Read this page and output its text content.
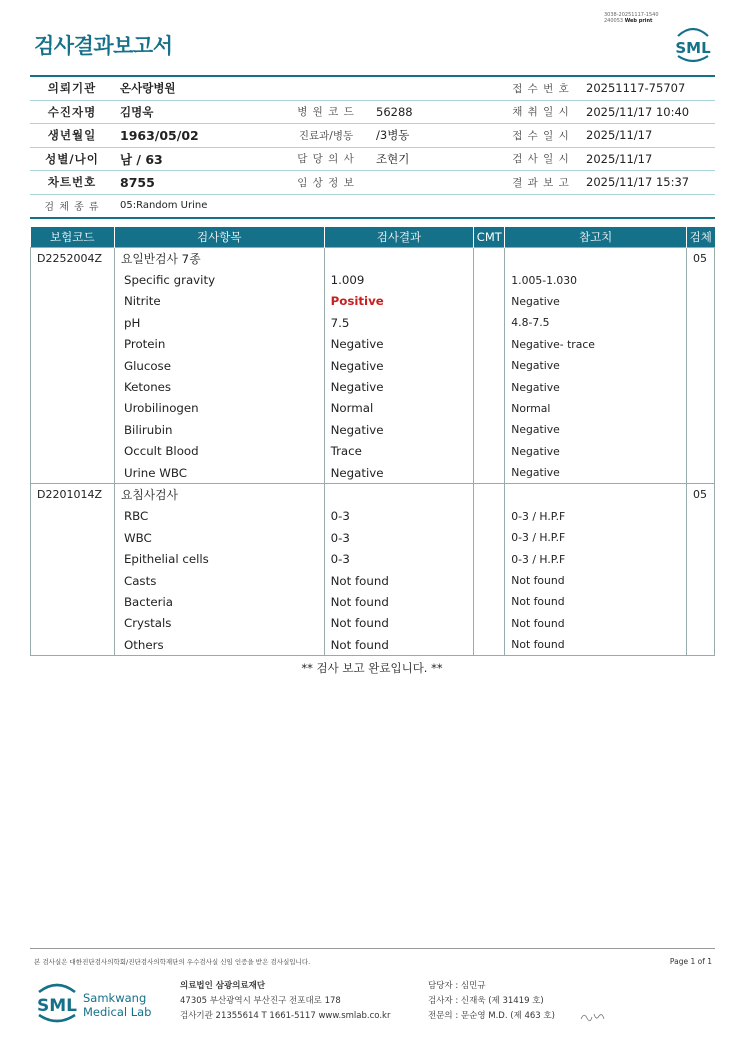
3038-20251117-1540
240053 Web print
검사결과보고서	SML
의뢰기관	온사랑병원			접 수 번 호	20251117-75707
수진자명	김명욱	병 원 코 드	56288	채 취 일 시	2025/11/17 10:40
생년월일	1963/05/02	진료과/병동	/3병동	접 수 일 시	2025/11/17
성별/나이	남 / 63	담 당 의 사	조현기	검 사 일 시	2025/11/17
차트번호	8755	임 상 정 보		결 과 보 고	2025/11/17 15:37
검 체 종 류	05:Random Urine				
보험코드	검사항목	검사결과	CMT	참고치	검체
D2252004Z	요일반검사 7종				05
	Specific gravity	1.009		1.005-1.030	
	Nitrite	Positive		Negative	
	pH	7.5		4.8-7.5	
	Protein	Negative		Negative- trace	
	Glucose	Negative		Negative	
	Ketones	Negative		Negative	
	Urobilinogen	Normal		Normal	
	Bilirubin	Negative		Negative	
	Occult Blood	Trace		Negative	
	Urine WBC	Negative		Negative	
D2201014Z	요침사검사				05
	RBC	0-3		0-3 / H.P.F	
	WBC	0-3		0-3 / H.P.F	
	Epithelial cells	0-3		0-3 / H.P.F	
	Casts	Not found		Not found	
	Bacteria	Not found		Not found	
	Crystals	Not found		Not found	
	Others	Not found		Not found	
** 검사 보고 완료입니다. **
본 검사실은 대한진단검사의학회/진단검사의학재단의 우수검사실 신임 인증을 받은 검사실입니다.	Page 1 of 1
SML Samkwang
Medical Lab
의료법인 삼광의료재단
47305 부산광역시 부산진구 전포대로 178
검사기관 21355614 T 1661-5117 www.smlab.co.kr
담당자 : 심민규
검사자 : 신재욱 (제 31419 호)
전문의 : 문순영 M.D. (제 463 호)
